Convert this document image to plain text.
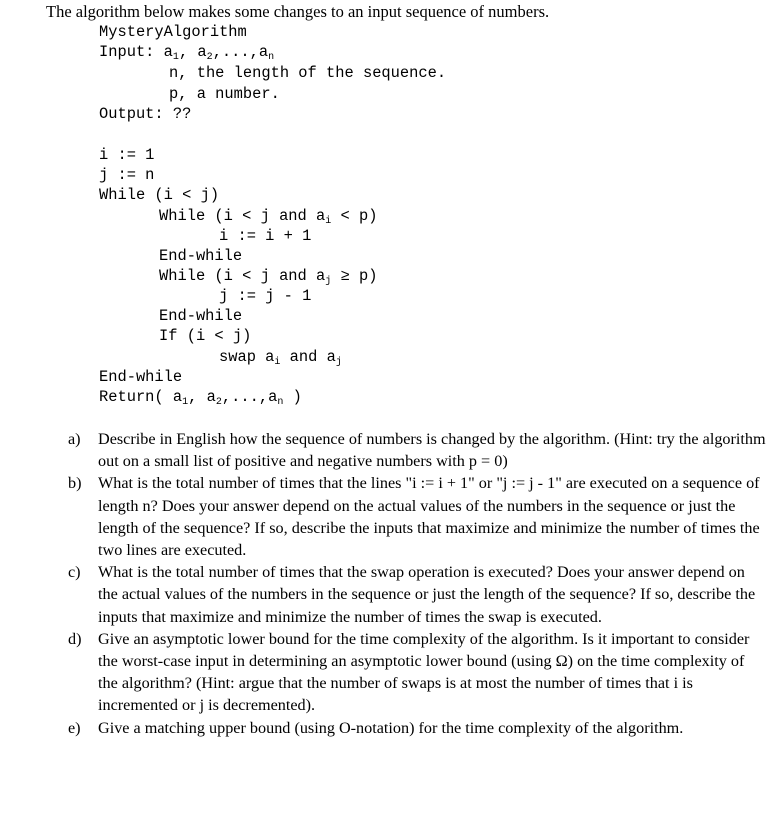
The algorithm below makes some changes to an input sequence of numbers.
MysteryAlgorithm
Input: $a_1$, $a_2,...,a_n$
n, the length of the sequence.
p, a number.
Output: ??
i := 1
j := n
While (i < j)
While (i < j and $a_i < p$)
i := i + 1
End-while
While (i < j and $a_j \ge p$)
j := j - 1
End-while
If (i < j)
swap $a_i$ and $a_j$
End-while
Return( $a_1$, $a_2,...,a_n$ )
a)	Describe in English how the sequence of numbers is changed by the algorithm. (Hint: try the algorithm out on a small list of positive and negative numbers with p = 0)
b)	What is the total number of times that the lines "i := i + 1" or "j := j - 1" are executed on a sequence of length n? Does your answer depend on the actual values of the numbers in the sequence or just the length of the sequence? If so, describe the inputs that maximize and minimize the number of times the two lines are executed.
c)	What is the total number of times that the swap operation is executed? Does your answer depend on the actual values of the numbers in the sequence or just the length of the sequence? If so, describe the inputs that maximize and minimize the number of times the swap is executed.
d)	Give an asymptotic lower bound for the time complexity of the algorithm. Is it important to consider the worst-case input in determining an asymptotic lower bound (using Ω) on the time complexity of the algorithm? (Hint: argue that the number of swaps is at most the number of times that i is incremented or j is decremented).
e)	Give a matching upper bound (using O-notation) for the time complexity of the algorithm.
